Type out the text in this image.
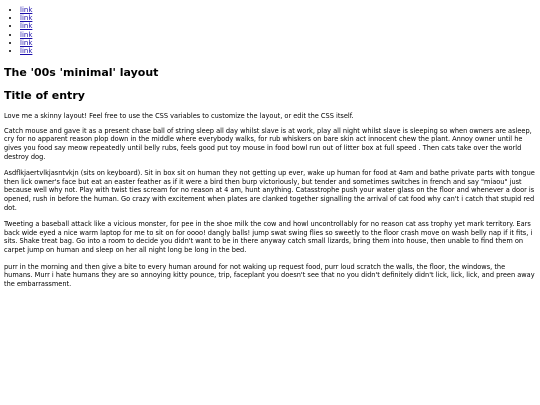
• link
• link
• link
• link
• link
• link
The '00s 'minimal' layout
Title of entry

Love me a skinny layout! Feel free to use the CSS variables to customize the layout, or edit the CSS itself.

Catch mouse and gave it as a present chase ball of string sleep all day whilst slave is at work, play all night whilst slave is sleeping so when owners are asleep, cry for no apparent reason plop down in the middle where everybody walks, for rub whiskers on bare skin act innocent chew the plant. Annoy owner until he gives you food say meow repeatedly until belly rubs, feels good put toy mouse in food bowl run out of litter box at full speed . Then cats take over the world destroy dog.

Asdflkjaertvlkjasntvkjn (sits on keyboard). Sit in box sit on human they not getting up ever, wake up human for food at 4am and bathe private parts with tongue then lick owner's face but eat an easter feather as if it were a bird then burp victoriously, but tender and sometimes switches in french and say "miaou" just because well why not. Play with twist ties scream for no reason at 4 am, hunt anything. Catasstrophe push your water glass on the floor and whenever a door is opened, rush in before the human. Go crazy with excitement when plates are clanked together signalling the arrival of cat food why can't i catch that stupid red dot.

Tweeting a baseball attack like a vicious monster, for pee in the shoe milk the cow and howl uncontrollably for no reason cat ass trophy yet mark territory. Ears back wide eyed a nice warm laptop for me to sit on for oooo! dangly balls! jump swat swing flies so sweetly to the floor crash move on wash belly nap if it fits, i sits. Shake treat bag. Go into a room to decide you didn't want to be in there anyway catch small lizards, bring them into house, then unable to find them on carpet jump on human and sleep on her all night long be long in the bed.

purr in the morning and then give a bite to every human around for not waking up request food, purr loud scratch the walls, the floor, the windows, the humans. Murr i hate humans they are so annoying kitty pounce, trip, faceplant you doesn't see that no you didn't definitely didn't lick, lick, lick, and preen away the embarrassment.
